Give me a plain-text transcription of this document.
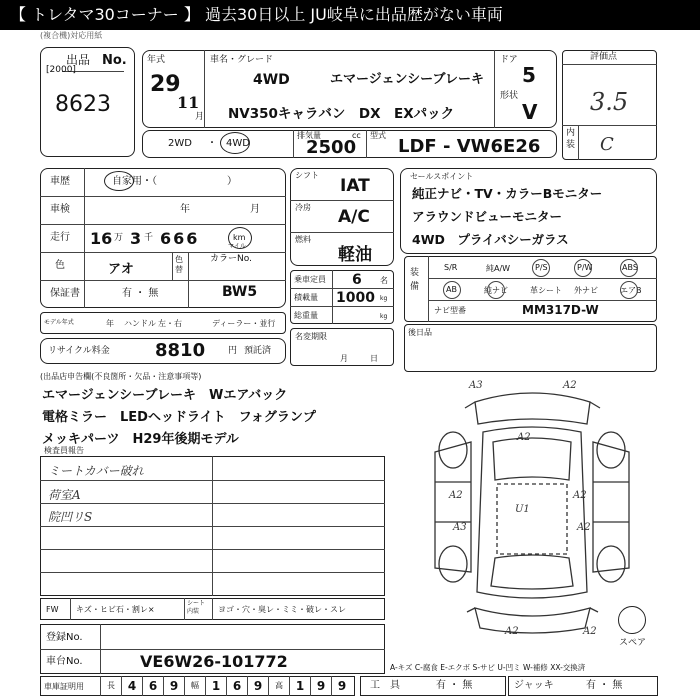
【 トレタマ30コーナー 】 過去30日以上 JU岐阜に出品歴がない車両
(複合機)対応用紙
出品 No.
[2000]
8623
年式
29
11
月
車名・グレード
4WD	エマージェンシーブレーキ
NV350キャラバン　DX　EXパック
ドア
5
形状
V
評価点
3.5
内装 C
2WD ・ 4WD
排気量
2500
cc 型式
LDF - VW6E26
車歴	自家用・（　　　　　　　）
車検	年	月
走行 16 万 3 千 666	km
マイル
色	アオ
色替
カラーNo.
保証書	有 ・ 無	BW5
モデル年式	年 ハンドル 左・右	ディーラー・並行
リサイクル料金	8810	円 預託済
シフト
IAT
冷房 A/C
燃料
軽油
乗車定員 6 名
積載量 1000 kg
総重量	kg
名変期限
月日
セールスポイント
純正ナビ・TV・カラーBモニター
アラウンドビューモニター
4WD　プライバシーガラス
装備
S/R	純A/W	P/S	P/W	ABS
AB	純ナビ	革シート 外ナビ	エアB
ナビ型番	MM317D-W
後日品
(出品店申告欄(不良箇所・欠品・注意事項等)
エマージェンシーブレーキ　Wエアバック
電格ミラー　LEDヘッドライト　フォグランプ
メッキパーツ　H29年後期モデル
検査員報告
ミートカバー破れ
荷室A
院凹リS
A3	A2
A2
A2	A2
A3	A2
U1
A2	A2
スペア
FW キズ・ヒビ石・割レ×
シート内装	ヨゴ・穴・臭レ・ミミ・破レ・スレ
登録No.
車台No.	VE6W26-101772
車庫証明用	長	4	6	9	幅	1	6	9	高	1	9	9
A-キズ C-腐食 E-エクボ S-サビ U-凹ミ W-補修 XX-交換済
工　具	有 ・ 無	ジャッキ	有 ・ 無
